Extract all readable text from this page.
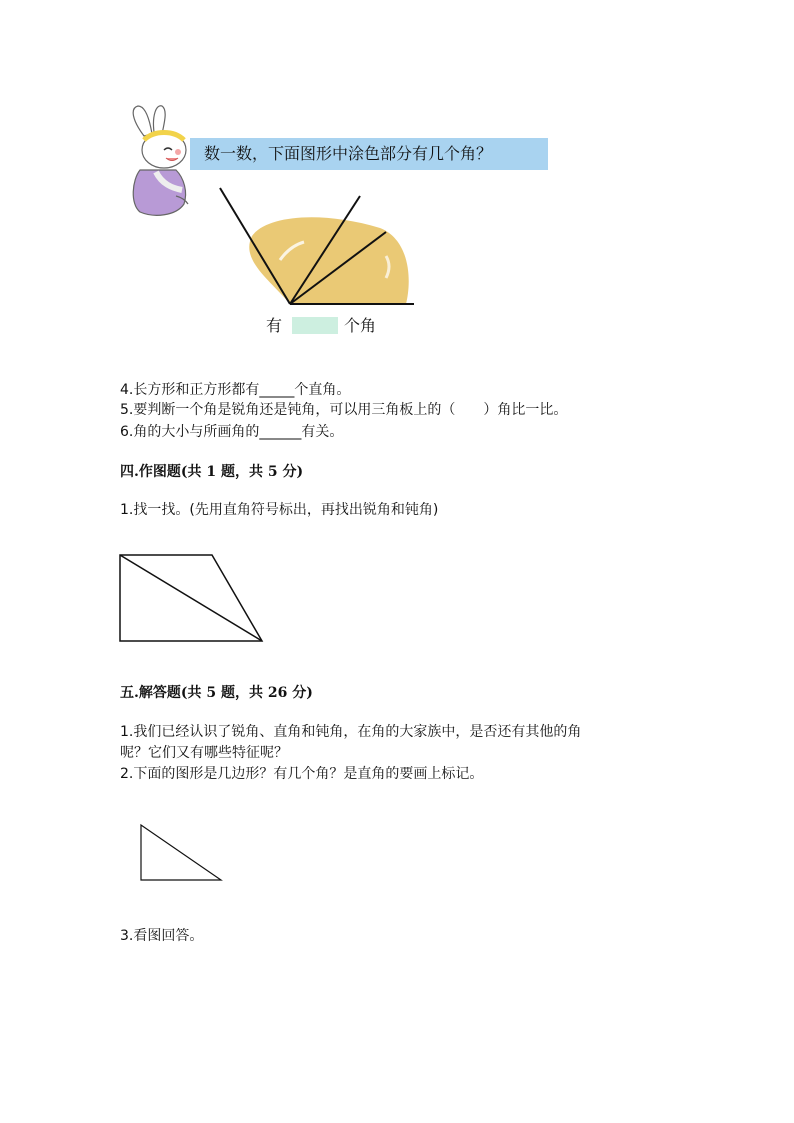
数一数，下面图形中涂色部分有几个角？
有	个角
4.长方形和正方形都有_____个直角。
5.要判断一个角是锐角还是钝角，可以用三角板上的（　　）角比一比。
6.角的大小与所画角的______有关。
四.作图题(共 1 题，共 5 分)
1.找一找。(先用直角符号标出，再找出锐角和钝角)
五.解答题(共 5 题，共 26 分)
1.我们已经认识了锐角、直角和钝角，在角的大家族中，是否还有其他的角
呢？它们又有哪些特征呢？
2.下面的图形是几边形？有几个角？是直角的要画上标记。
3.看图回答。
